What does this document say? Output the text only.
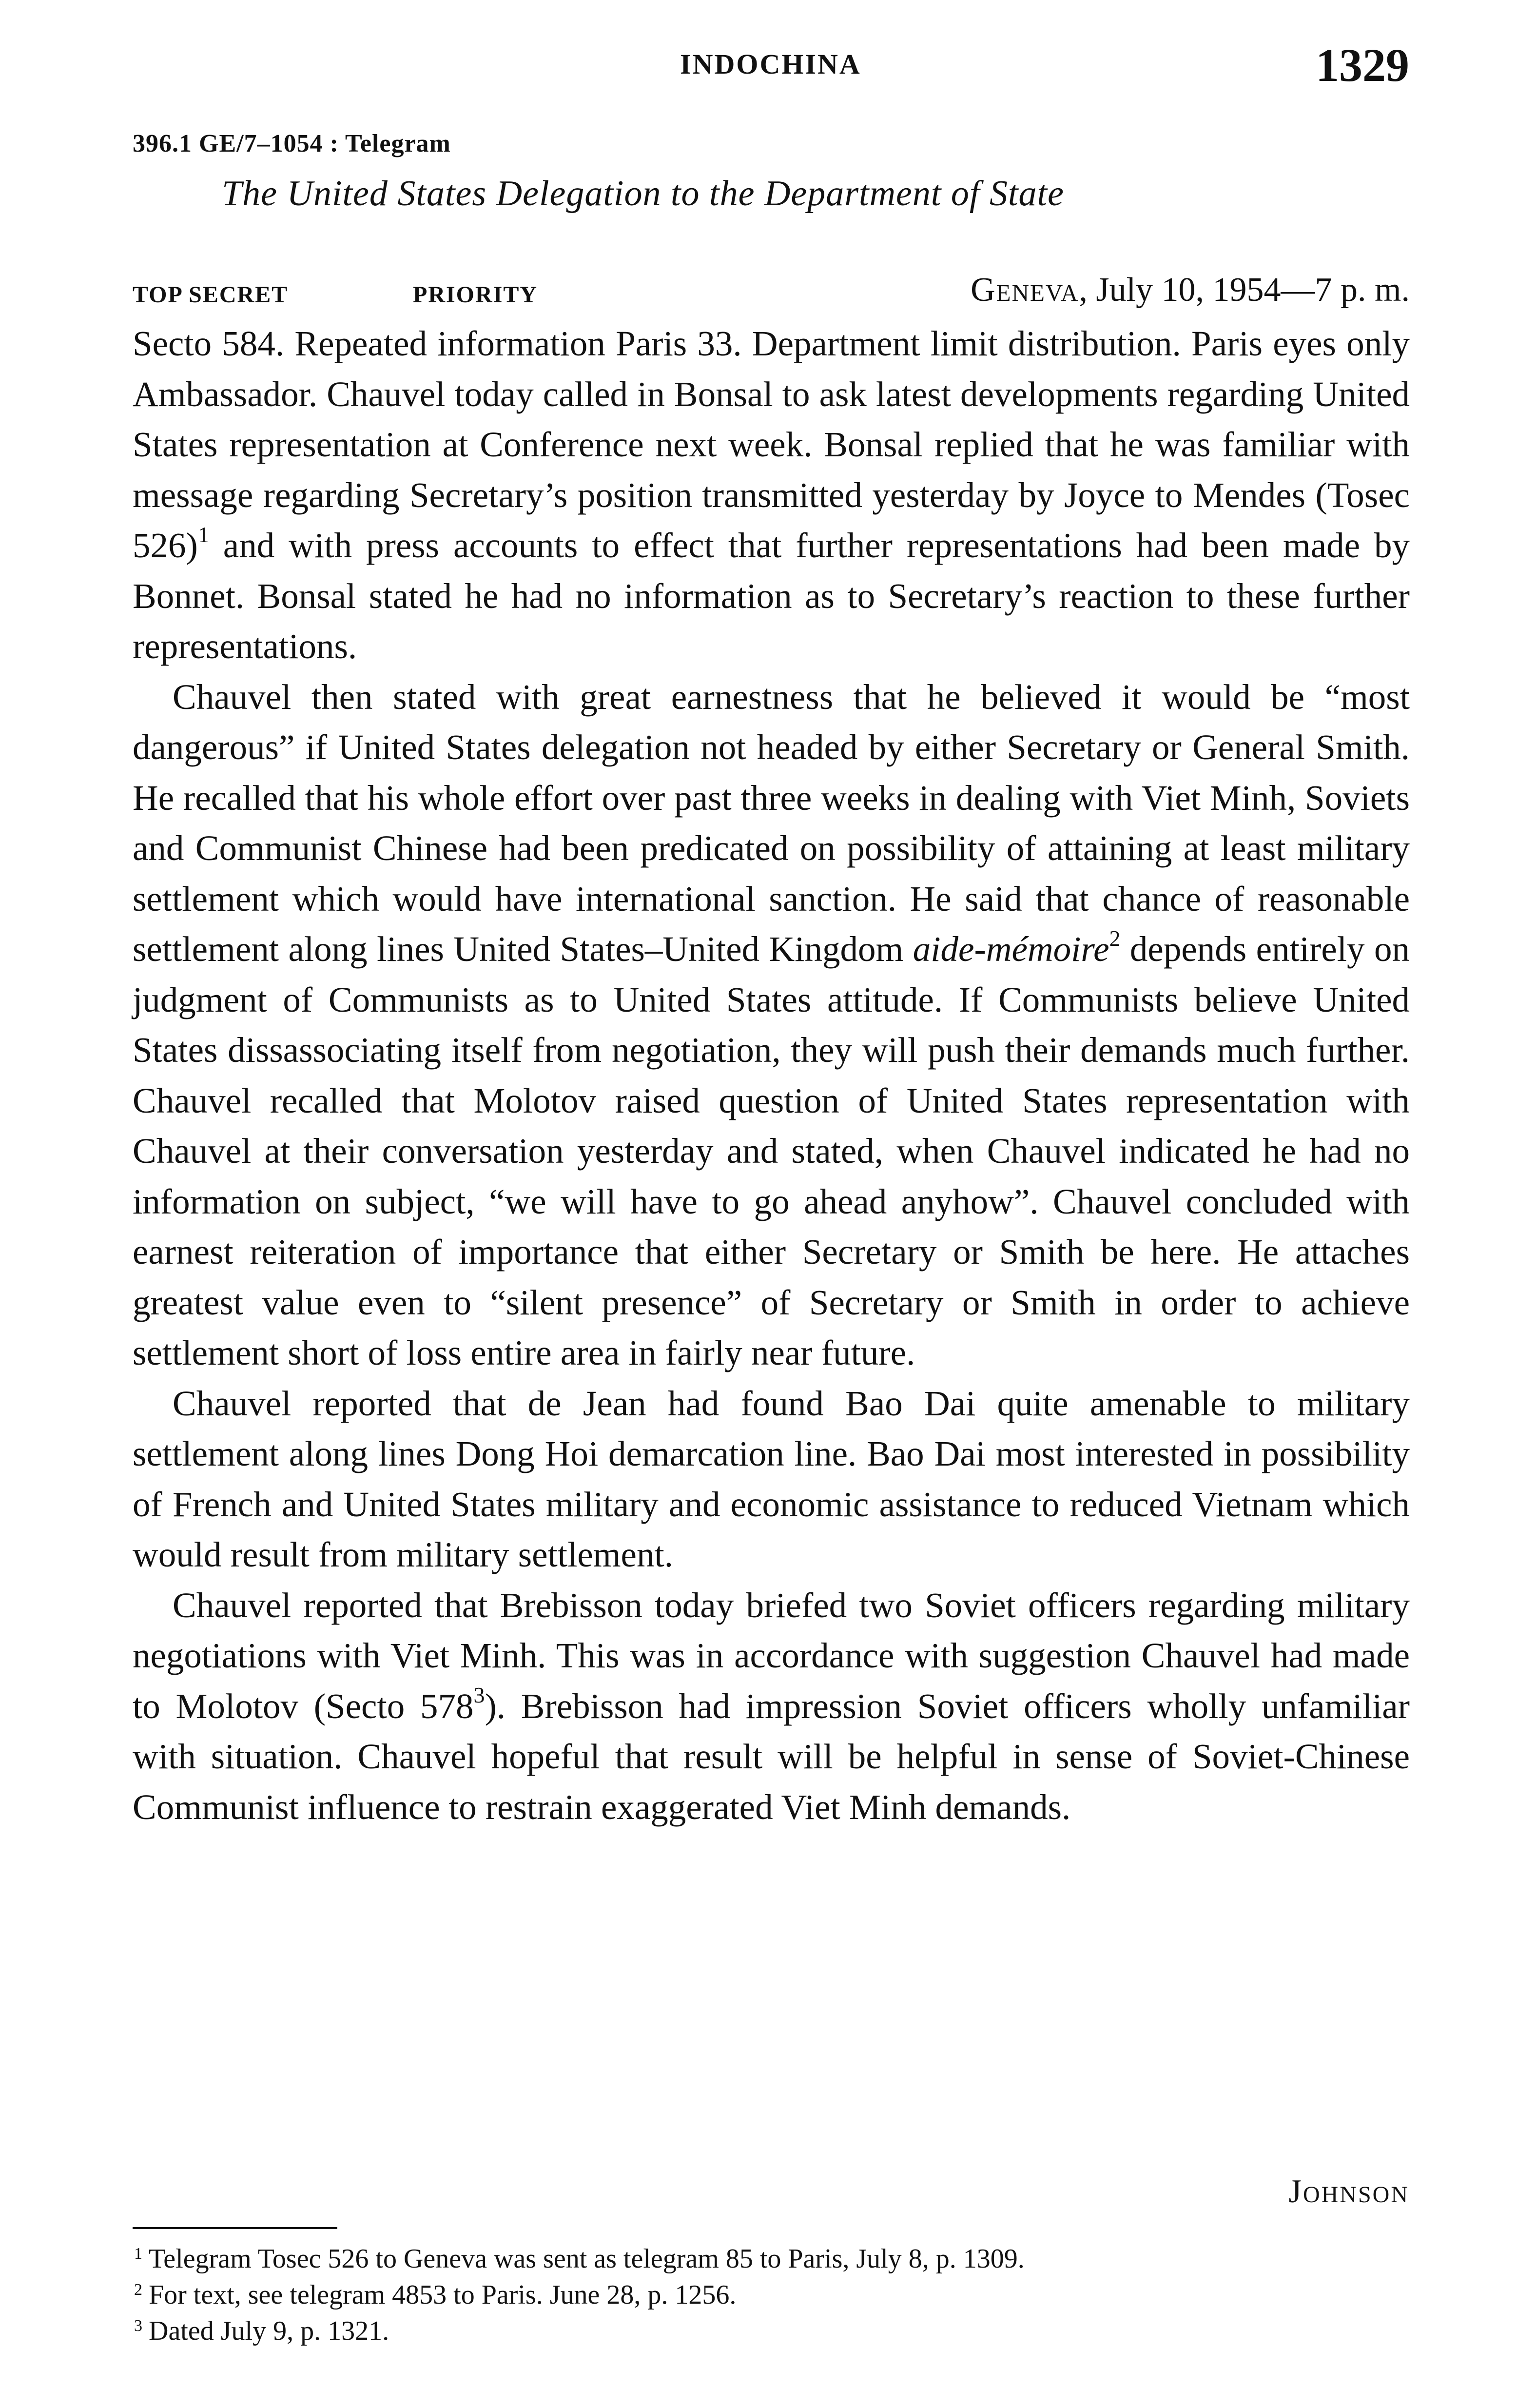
INDOCHINA	1329
396.1 GE/7–1054 : Telegram
The United States Delegation to the Department of State
TOP SECRET	PRIORITY	Geneva, July 10, 1954—7 p. m.

Secto 584. Repeated information Paris 33. Department limit distribution. Paris eyes only Ambassador. Chauvel today called in Bonsal to ask latest developments regarding United States representation at Conference next week. Bonsal replied that he was familiar with message regarding Secretary’s position transmitted yesterday by Joyce to Mendes (Tosec 526)$^1$ and with press accounts to effect that further representations had been made by Bonnet. Bonsal stated he had no information as to Secretary’s reaction to these further representations.

Chauvel then stated with great earnestness that he believed it would be “most dangerous” if United States delegation not headed by either Secretary or General Smith. He recalled that his whole effort over past three weeks in dealing with Viet Minh, Soviets and Communist Chinese had been predicated on possibility of attaining at least military settlement which would have international sanction. He said that chance of reasonable settlement along lines United States–United Kingdom aide-mémoire$^2$ depends entirely on judgment of Communists as to United States attitude. If Communists believe United States dissassociating itself from negotiation, they will push their demands much further. Chauvel recalled that Molotov raised question of United States representation with Chauvel at their conversation yesterday and stated, when Chauvel indicated he had no information on subject, “we will have to go ahead anyhow”. Chauvel concluded with earnest reiteration of importance that either Secretary or Smith be here. He attaches greatest value even to “silent presence” of Secretary or Smith in order to achieve settlement short of loss entire area in fairly near future.

Chauvel reported that de Jean had found Bao Dai quite amenable to military settlement along lines Dong Hoi demarcation line. Bao Dai most interested in possibility of French and United States military and economic assistance to reduced Vietnam which would result from military settlement.

Chauvel reported that Brebisson today briefed two Soviet officers regarding military negotiations with Viet Minh. This was in accordance with suggestion Chauvel had made to Molotov (Secto $578^3$). Brebisson had impression Soviet officers wholly unfamiliar with situation. Chauvel hopeful that result will be helpful in sense of Soviet-Chinese Communist influence to restrain exaggerated Viet Minh demands.

Johnson
1 Telegram Tosec 526 to Geneva was sent as telegram 85 to Paris, July 8, p. 1309.
2 For text, see telegram 4853 to Paris. June 28, p. 1256.
3 Dated July 9, p. 1321.
